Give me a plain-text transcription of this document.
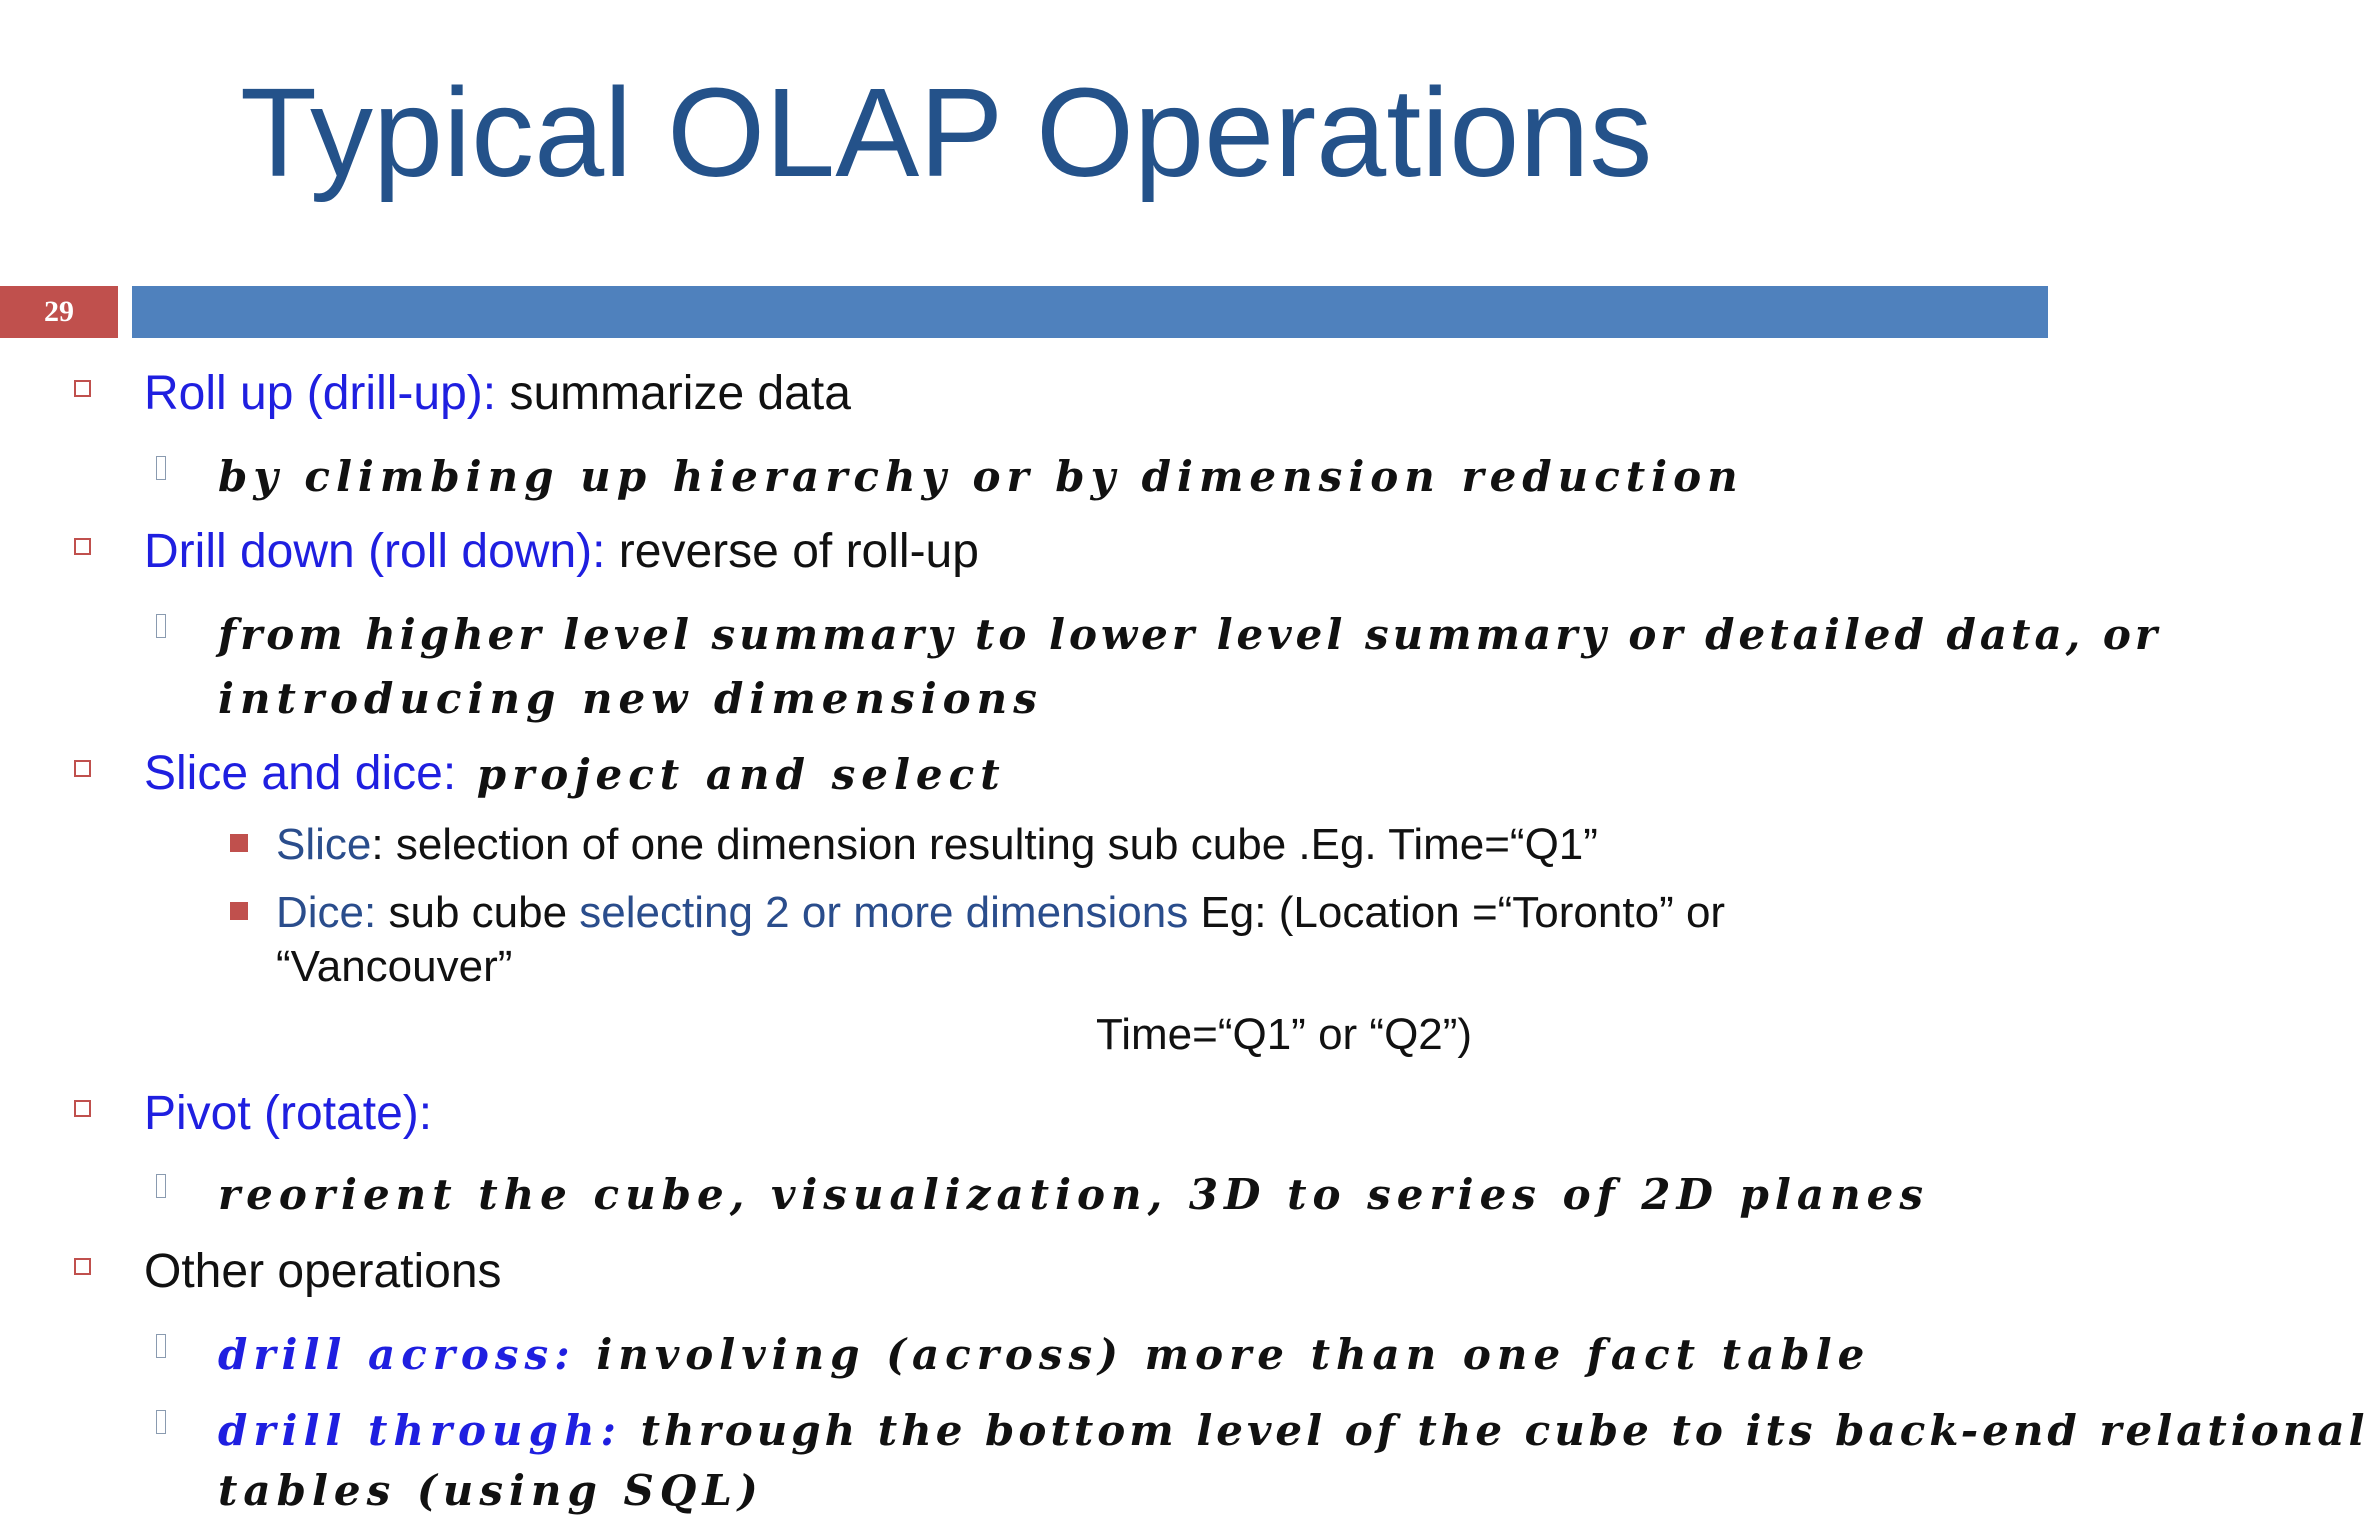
Typical OLAP Operations
29
Roll up (drill-up): summarize data
by climbing up hierarchy or by dimension reduction
Drill down (roll down): reverse of roll-up
from higher level summary to lower level summary or detailed data, or
introducing new dimensions
Slice and dice: project and select
Slice: selection of one dimension resulting sub cube .Eg. Time=“Q1”
Dice: sub cube selecting 2 or more dimensions Eg: (Location =“Toronto” or
“Vancouver”
Time=“Q1” or “Q2”)
Pivot (rotate):
reorient the cube, visualization, 3D to series of 2D planes
Other operations
drill across: involving (across) more than one fact table
drill through: through the bottom level of the cube to its back-end relational
tables (using SQL)
